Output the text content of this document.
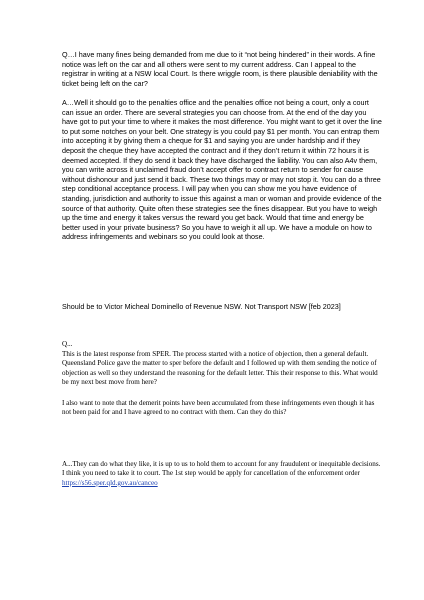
Q…I have many fines being demanded from me due to it “not being hindered” in their words. A fine notice was left on the car and all others were sent to my current address. Can I appeal to the registrar in writing at a NSW local Court. Is there wriggle room, is there plausible deniability with the ticket being left on the car?

A…Well it should go to the penalties office and the penalties office not being a court, only a court can issue an order. There are several strategies you can choose from. At the end of the day you have got to put your time to where it makes the most difference. You might want to get it over the line to put some notches on your belt. One strategy is you could pay $1 per month. You can entrap them into accepting it by giving them a cheque for $1 and saying you are under hardship and if they deposit the cheque they have accepted the contract and if they don’t return it within 72 hours it is deemed accepted. If they do send it back they have discharged the liability. You can also A4v them, you can write across it unclaimed fraud don’t accept offer to contract return to sender for cause without dishonour and just send it back. These two things may or may not stop it. You can do a three step conditional acceptance process. I will pay when you can show me you have evidence of standing, jurisdiction and authority to issue this against a man or woman and provide evidence of the source of that authority. Quite often these strategies see the fines disappear. But you have to weigh up the time and energy it takes versus the reward you get back. Would that time and energy be better used in your private business? So you have to weigh it all up. We have a module on how to address infringements and webinars so you could look at those.

Should be to Victor Micheal Dominello of Revenue NSW. Not Transport NSW [feb 2023]

Q...

This is the latest response from SPER. The process started with a notice of objection, then a general default. Queensland Police gave the matter to sper before the default and I followed up with them sending the notice of objection as well so they understand the reasoning for the default letter. This their response to this. What would be my next best move from here?

I also want to note that the demerit points have been accumulated from these infringements even though it has not been paid for and I have agreed to no contract with them. Can they do this?

A...They can do what they like, it is up to us to hold them to account for any fraudulent or inequitable decisions. I think you need to take it to court. The 1st step would be apply for cancellation of the enforcement order https://s56.sper.qld.gov.au/canceo
